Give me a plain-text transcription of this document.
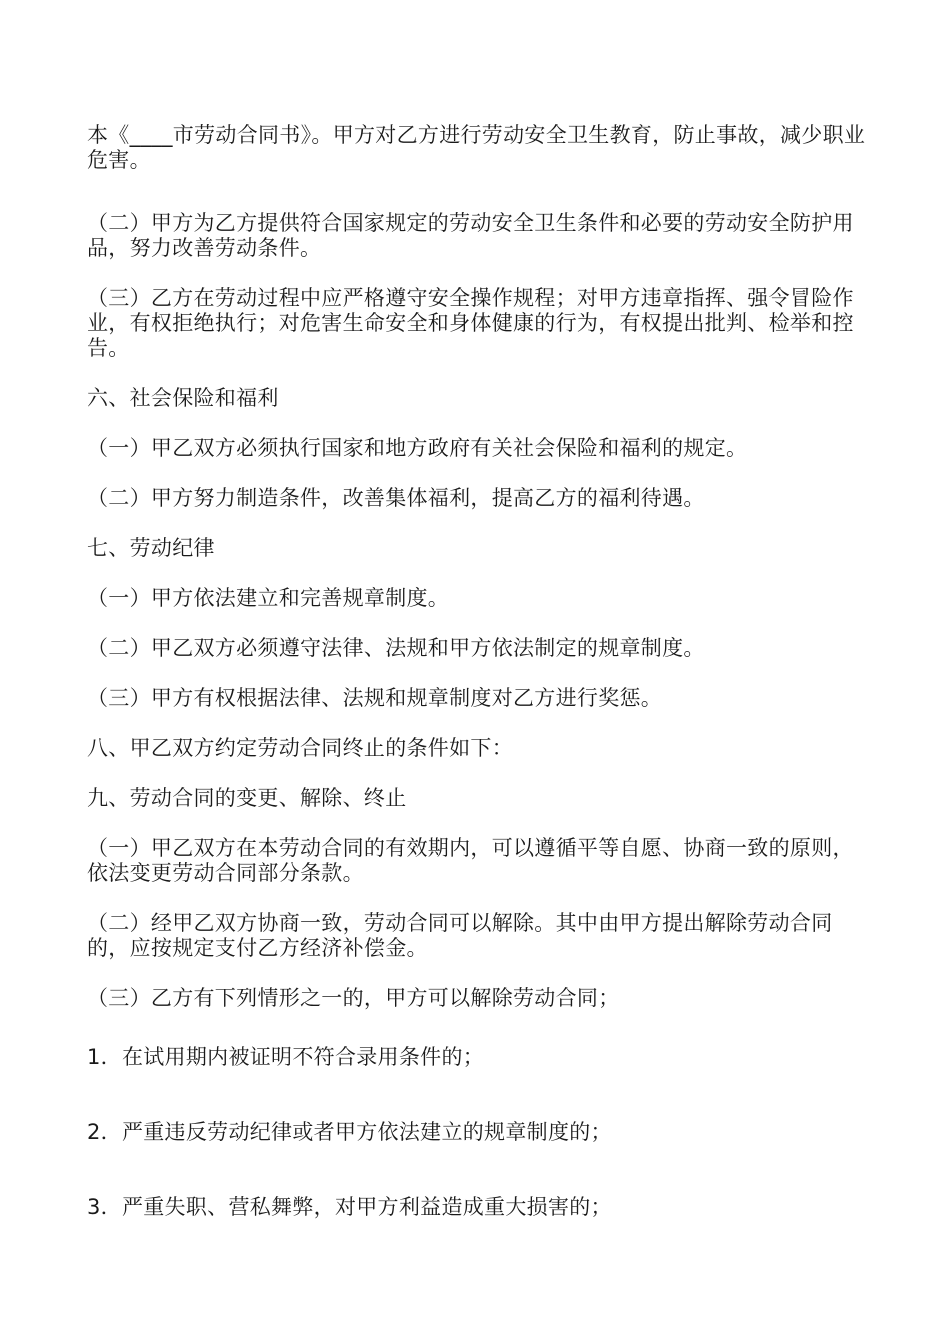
本《____市劳动合同书》。甲方对乙方进行劳动安全卫生教育，防止事故，减少职业危害。

（二）甲方为乙方提供符合国家规定的劳动安全卫生条件和必要的劳动安全防护用品，努力改善劳动条件。

（三）乙方在劳动过程中应严格遵守安全操作规程；对甲方违章指挥、强令冒险作业，有权拒绝执行；对危害生命安全和身体健康的行为，有权提出批判、检举和控告。

六、社会保险和福利

（一）甲乙双方必须执行国家和地方政府有关社会保险和福利的规定。

（二）甲方努力制造条件，改善集体福利，提高乙方的福利待遇。

七、劳动纪律

（一）甲方依法建立和完善规章制度。

（二）甲乙双方必须遵守法律、法规和甲方依法制定的规章制度。

（三）甲方有权根据法律、法规和规章制度对乙方进行奖惩。

八、甲乙双方约定劳动合同终止的条件如下：

九、劳动合同的变更、解除、终止

（一）甲乙双方在本劳动合同的有效期内，可以遵循平等自愿、协商一致的原则，依法变更劳动合同部分条款。

（二）经甲乙双方协商一致，劳动合同可以解除。其中由甲方提出解除劳动合同的，应按规定支付乙方经济补偿金。

（三）乙方有下列情形之一的，甲方可以解除劳动合同；

1．在试用期内被证明不符合录用条件的；

2．严重违反劳动纪律或者甲方依法建立的规章制度的；

3．严重失职、营私舞弊，对甲方利益造成重大损害的；
